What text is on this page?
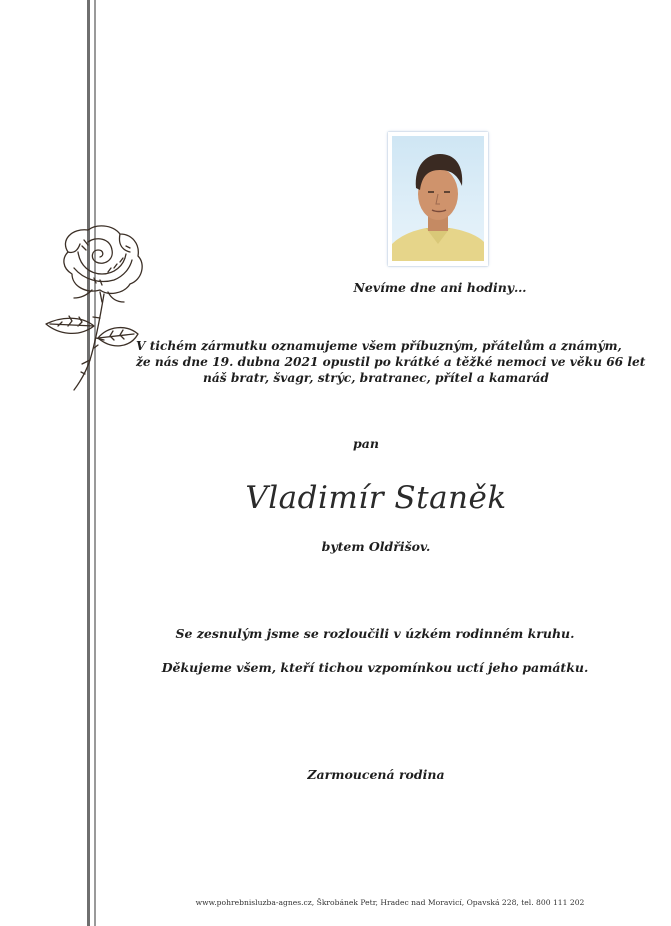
Nevíme dne ani hodiny…
V tichém zármutku oznamujeme všem příbuzným, přátelům a známým,
že nás dne 19. dubna 2021 opustil po krátké a těžké nemoci ve věku 66 let
náš bratr, švagr, strýc, bratranec, přítel a kamarád
pan
Vladimír Staněk
bytem Oldřišov.
Se zesnulým jsme se rozloučili v úzkém rodinném kruhu.
Děkujeme všem, kteří tichou vzpomínkou uctí jeho památku.
Zarmoucená rodina
www.pohrebnisluzba-agnes.cz, Škrobánek Petr, Hradec nad Moravicí, Opavská 228, tel. 800 111 202
